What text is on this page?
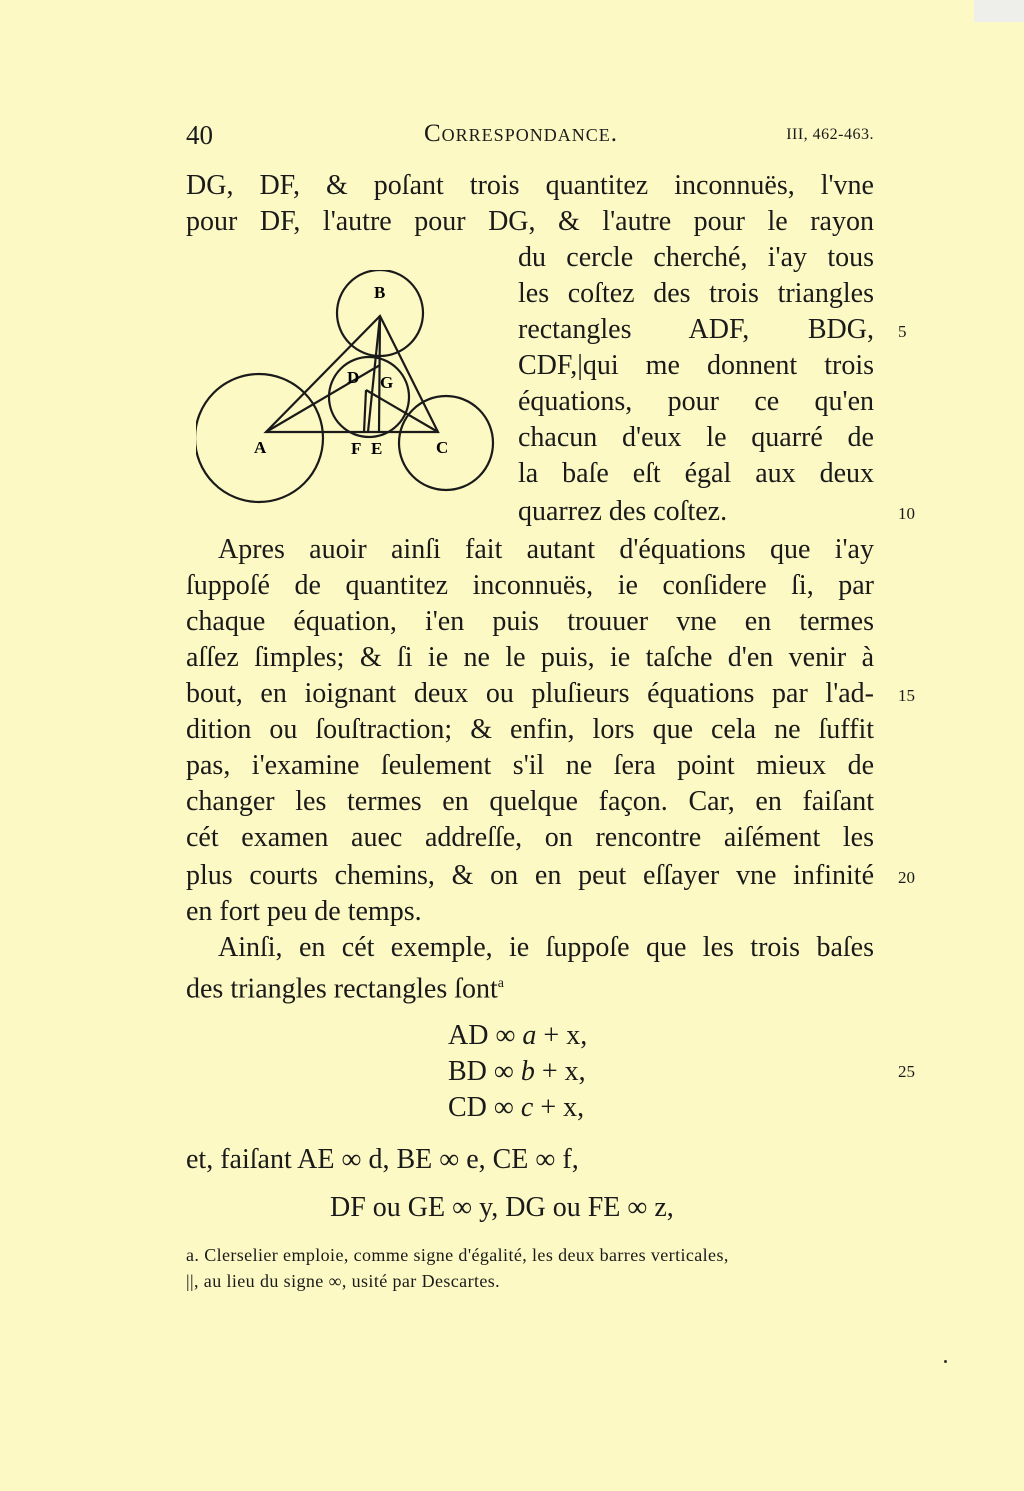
40	Correspondance.	III, 462-463.
DG, DF, & poſant trois quantitez inconnuës, l'vne
pour DF, l'autre pour DG, & l'autre pour le rayon
du cercle cherché, i'ay tous
les coſtez des trois triangles
rectangles ADF, BDG,
CDF,|qui me donnent trois
équations, pour ce qu'en
chacun d'eux le quarré de
la baſe eſt égal aux deux
quarrez des coſtez.
Apres auoir ainſi fait autant d'équations que i'ay
ſuppoſé de quantitez inconnuës, ie conſidere ſi, par
chaque équation, i'en puis trouuer vne en termes
aſſez ſimples; & ſi ie ne le puis, ie taſche d'en venir à
bout, en ioignant deux ou pluſieurs équations par l'ad-
dition ou ſouſtraction; & enfin, lors que cela ne ſuffit
pas, i'examine ſeulement s'il ne ſera point mieux de
changer les termes en quelque façon. Car, en faiſant
cét examen auec addreſſe, on rencontre aiſément les
plus courts chemins, & on en peut eſſayer vne infinité
en fort peu de temps.
Ainſi, en cét exemple, ie ſuppoſe que les trois baſes
des triangles rectangles ſont$^a$
5
10
15
20
25
B
D G
A	F E	C
AD ∞ a + x,
BD ∞ b + x,
CD ∞ c + x,
et, faiſant AE ∞ d, BE ∞ e, CE ∞ f,
DF ou GE ∞ y, DG ou FE ∞ z,
a. Clerselier emploie, comme signe d'égalité, les deux barres verticales,
||, au lieu du signe ∞, usité par Descartes.
